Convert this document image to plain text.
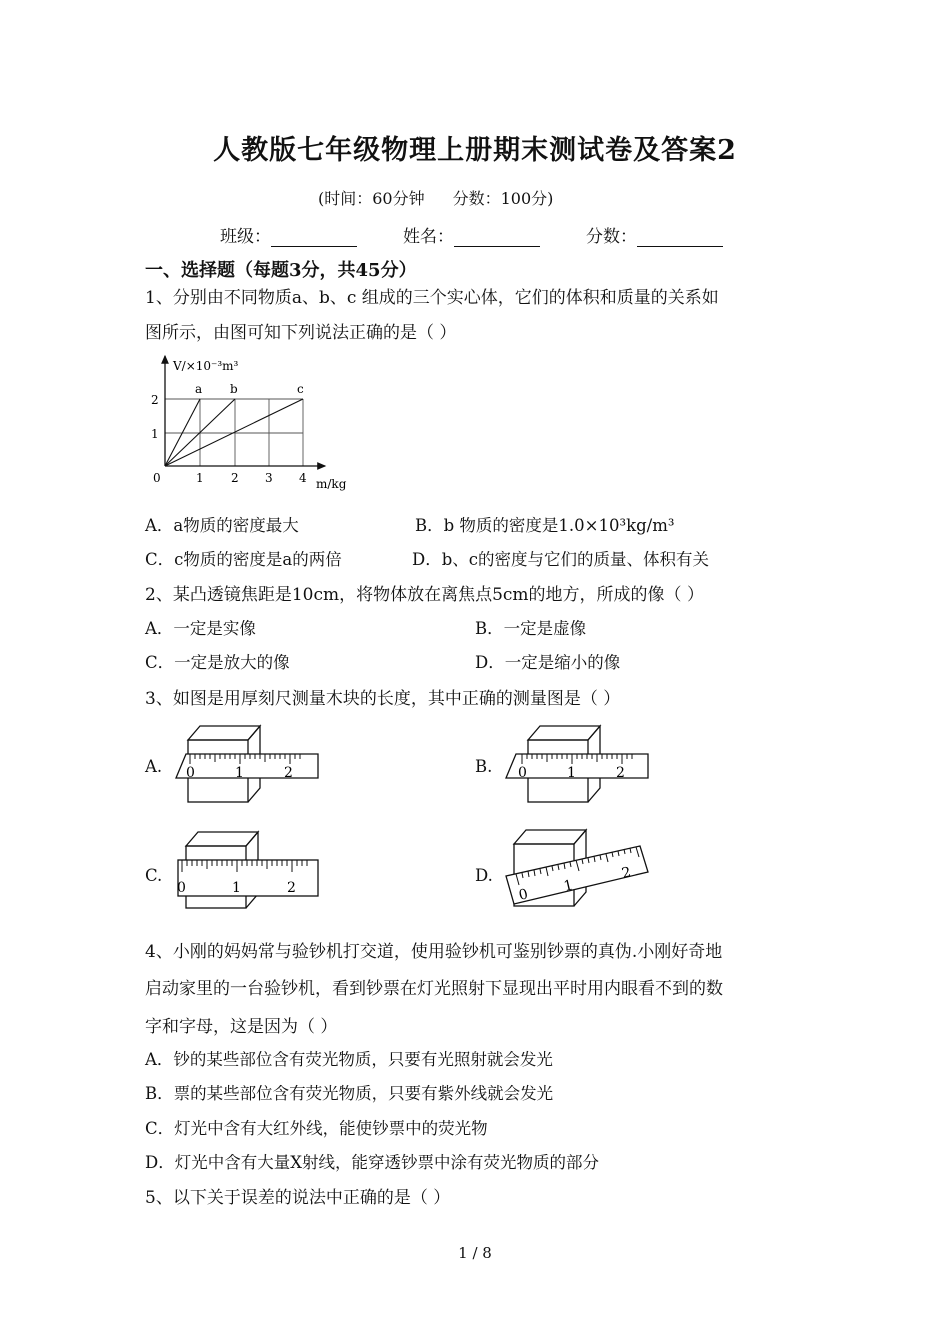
人教版七年级物理上册期末测试卷及答案2
(时间：60分钟 分数：100分)
班级：	姓名：	分数：
一、选择题（每题3分，共45分）
1、分别由不同物质a、b、c 组成的三个实心体，它们的体积和质量的关系如
图所示，由图可知下列说法正确的是（ ）
V/×10⁻³m³
m/kg
0	1 2 3 4
1
2
a b	c
A．a物质的密度最大	B．b 物质的密度是1.0×10³kg/m³
C．c物质的密度是a的两倍	D．b、c的密度与它们的质量、体积有关
2、某凸透镜焦距是10cm，将物体放在离焦点5cm的地方，所成的像（ ）
A．一定是实像	B．一定是虚像
C．一定是放大的像	D．一定是缩小的像
3、如图是用厚刻尺测量木块的长度，其中正确的测量图是（ ）
A.	B.
C.	D.
0	1	2	0	1	2
0	1	2	0
1
2
4、小刚的妈妈常与验钞机打交道，使用验钞机可鉴别钞票的真伪.小刚好奇地
启动家里的一台验钞机，看到钞票在灯光照射下显现出平时用内眼看不到的数
字和字母，这是因为（ ）
A．钞的某些部位含有荧光物质，只要有光照射就会发光
B．票的某些部位含有荧光物质，只要有紫外线就会发光
C．灯光中含有大红外线，能使钞票中的荧光物
D．灯光中含有大量X射线，能穿透钞票中涂有荧光物质的部分
5、以下关于误差的说法中正确的是（ ）
1 / 8
